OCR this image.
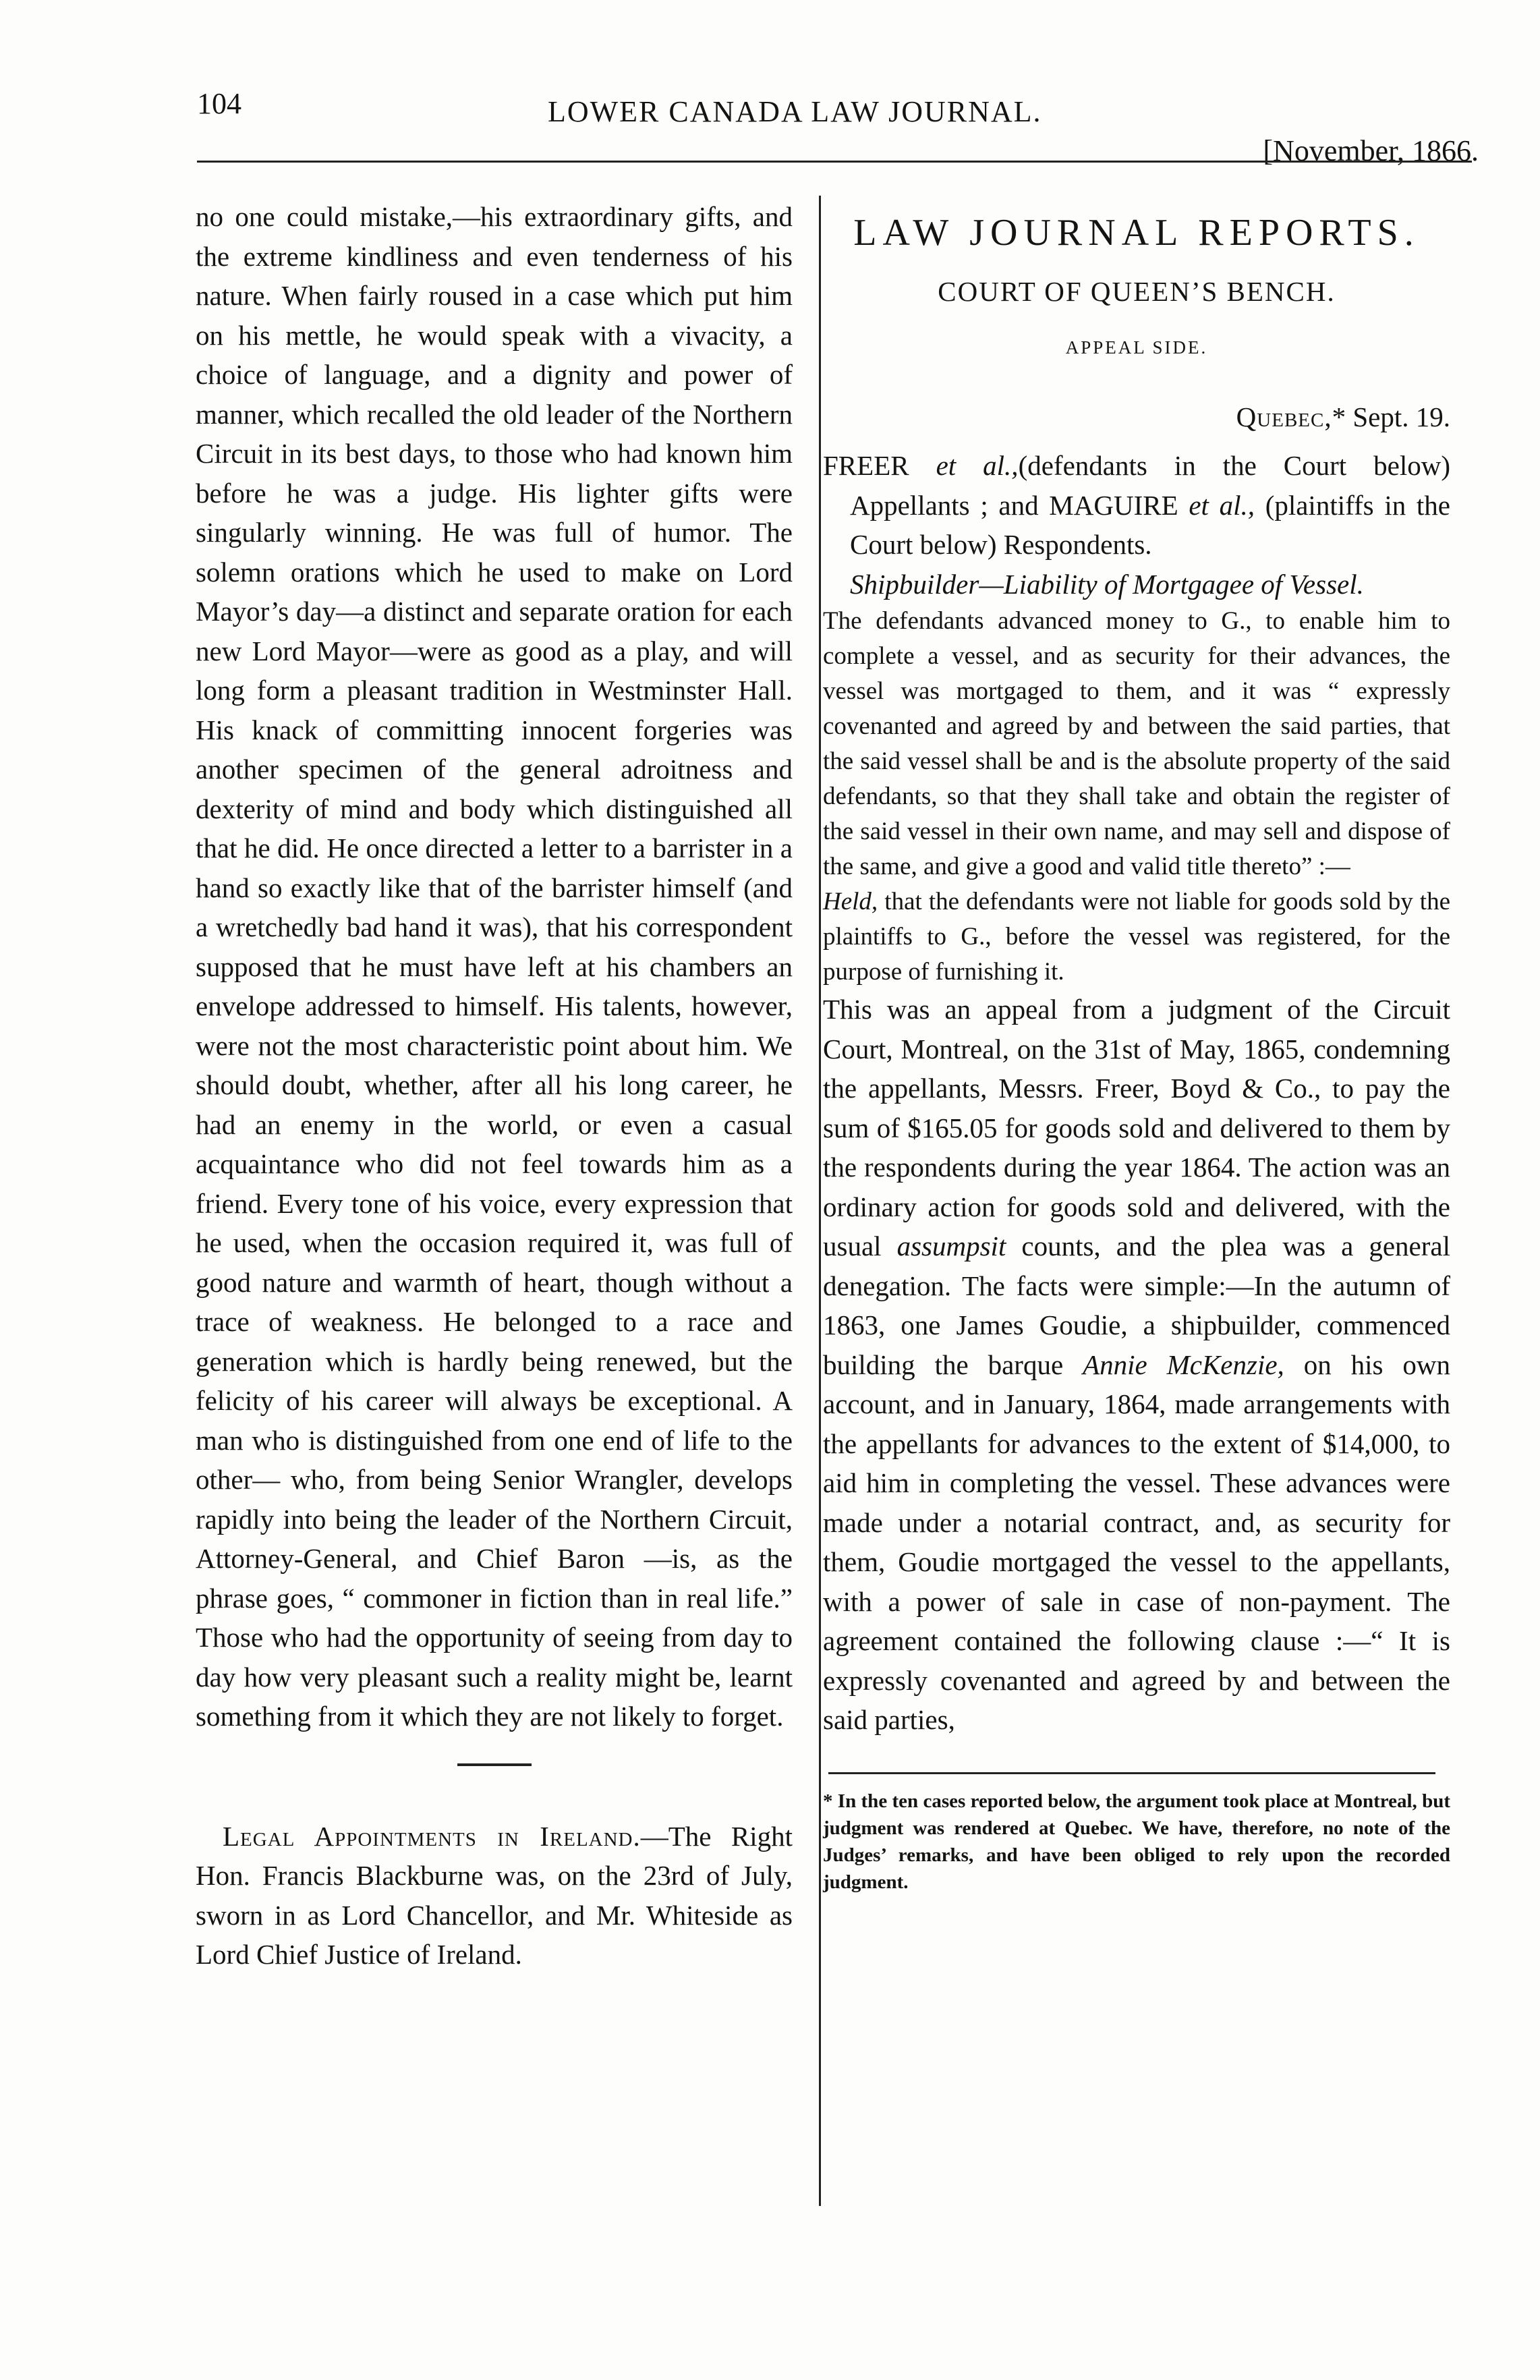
104	LOWER CANADA LAW JOURNAL.
[November, 1866.

no one could mistake,—his extraordinary gifts, and the extreme kindliness and even tenderness of his nature. When fairly roused in a case which put him on his mettle, he would speak with a vivacity, a choice of language, and a dignity and power of manner, which recalled the old leader of the Northern Circuit in its best days, to those who had known him before he was a judge. His lighter gifts were singularly winning. He was full of humor. The solemn orations which he used to make on Lord Mayor’s day—a distinct and separate oration for each new Lord Mayor—were as good as a play, and will long form a pleasant tradition in Westminster Hall. His knack of committing innocent forgeries was another specimen of the general adroitness and dexterity of mind and body which distinguished all that he did. He once directed a letter to a barrister in a hand so exactly like that of the barrister himself (and a wretchedly bad hand it was), that his correspondent supposed that he must have left at his chambers an envelope addressed to himself. His talents, however, were not the most characteristic point about him. We should doubt, whether, after all his long career, he had an enemy in the world, or even a casual acquaintance who did not feel towards him as a friend. Every tone of his voice, every expression that he used, when the occasion required it, was full of good nature and warmth of heart, though without a trace of weakness. He belonged to a race and generation which is hardly being renewed, but the felicity of his career will always be exceptional. A man who is distinguished from one end of life to the other— who, from being Senior Wrangler, develops rapidly into being the leader of the Northern Circuit, Attorney-General, and Chief Baron —is, as the phrase goes, “ commoner in fiction than in real life.” Those who had the opportunity of seeing from day to day how very pleasant such a reality might be, learnt something from it which they are not likely to forget.

Legal Appointments in Ireland.—The Right Hon. Francis Blackburne was, on the 23rd of July, sworn in as Lord Chancellor, and Mr. Whiteside as Lord Chief Justice of Ireland.

LAW JOURNAL REPORTS.
COURT OF QUEEN’S BENCH.
APPEAL SIDE.
Quebec,* Sept. 19.

FREER et al.,(defendants in the Court below) Appellants ; and MAGUIRE et al., (plaintiffs in the Court below) Respondents.

Shipbuilder—Liability of Mortgagee of Vessel.

The defendants advanced money to G., to enable him to complete a vessel, and as security for their advances, the vessel was mortgaged to them, and it was “ expressly covenanted and agreed by and between the said parties, that the said vessel shall be and is the absolute property of the said defendants, so that they shall take and obtain the register of the said vessel in their own name, and may sell and dispose of the same, and give a good and valid title thereto” :—

Held, that the defendants were not liable for goods sold by the plaintiffs to G., before the vessel was registered, for the purpose of furnishing it.

This was an appeal from a judgment of the Circuit Court, Montreal, on the 31st of May, 1865, condemning the appellants, Messrs. Freer, Boyd & Co., to pay the sum of $165.05 for goods sold and delivered to them by the respondents during the year 1864. The action was an ordinary action for goods sold and delivered, with the usual assumpsit counts, and the plea was a general denegation. The facts were simple:—In the autumn of 1863, one James Goudie, a shipbuilder, commenced building the barque Annie McKenzie, on his own account, and in January, 1864, made arrangements with the appellants for advances to the extent of $14,000, to aid him in completing the vessel. These advances were made under a notarial contract, and, as security for them, Goudie mortgaged the vessel to the appellants, with a power of sale in case of non-payment. The agreement contained the following clause :—“ It is expressly covenanted and agreed by and between the said parties,

* In the ten cases reported below, the argument took place at Montreal, but judgment was rendered at Quebec. We have, therefore, no note of the Judges’ remarks, and have been obliged to rely upon the recorded judgment.
